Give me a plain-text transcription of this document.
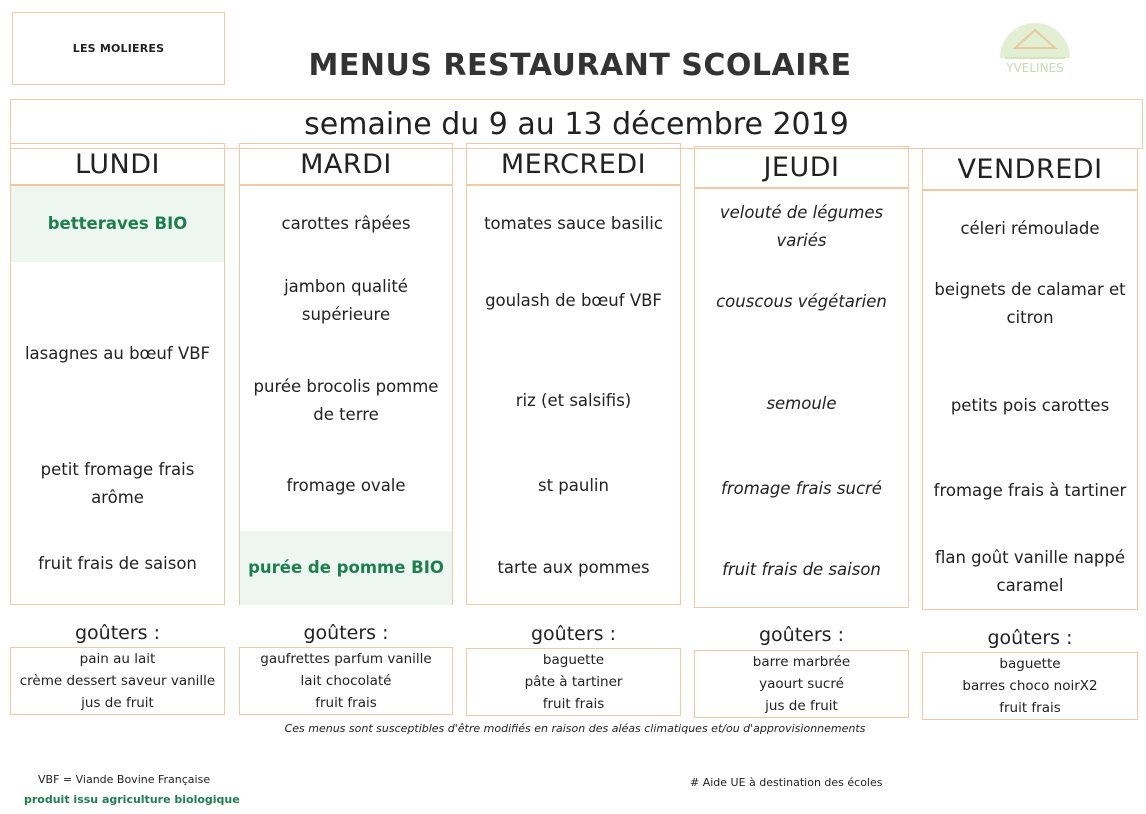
LES MOLIERES	MENUS RESTAURANT SCOLAIRE	YVELINES
semaine du 9 au 13 décembre 2019
LUNDI
betteraves BIO
lasagnes au bœuf VBF
petit fromage frais arôme
fruit frais de saison
goûters :
pain au lait
crème dessert saveur vanille
jus de fruit
MARDI
carottes râpées
jambon qualité supérieure
purée brocolis pomme de terre
fromage ovale
purée de pomme BIO
goûters :
gaufrettes parfum vanille
lait chocolaté
fruit frais
MERCREDI
tomates sauce basilic
goulash de bœuf VBF
riz (et salsifis)
st paulin
tarte aux pommes
goûters :
baguette
pâte à tartiner
fruit frais
JEUDI
velouté de légumes variés
couscous végétarien
semoule
fromage frais sucré
fruit frais de saison
goûters :
barre marbrée
yaourt sucré
jus de fruit
VENDREDI
céleri rémoulade
beignets de calamar et citron
petits pois carottes
fromage frais à tartiner
flan goût vanille nappé caramel
goûters :
baguette
barres choco noirX2
fruit frais
Ces menus sont susceptibles d'être modifiés en raison des aléas climatiques et/ou d'approvisionnements
VBF = Viande Bovine Française
produit issu agriculture biologique
# Aide UE à destination des écoles
